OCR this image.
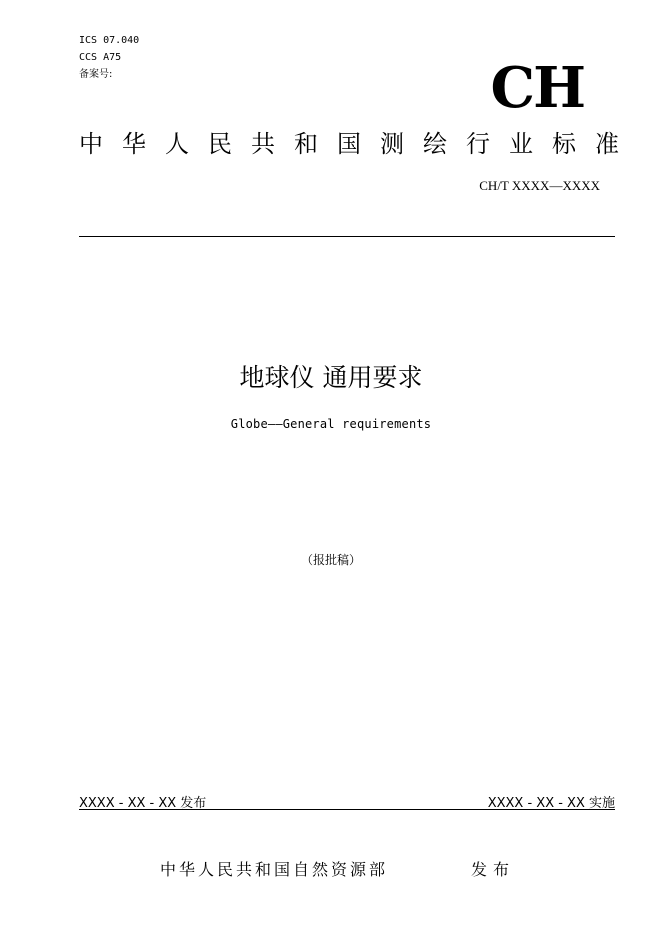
ICS 07.040
CCS A75
备案号:	CH
中 华 人 民 共 和 国 测 绘 行 业 标 准
CH/T XXXX—XXXX
地球仪 通用要求
Globe——General requirements
（报批稿）
XXXX - XX - XX 发布	XXXX - XX - XX 实施
中华人民共和国自然资源部	发布
